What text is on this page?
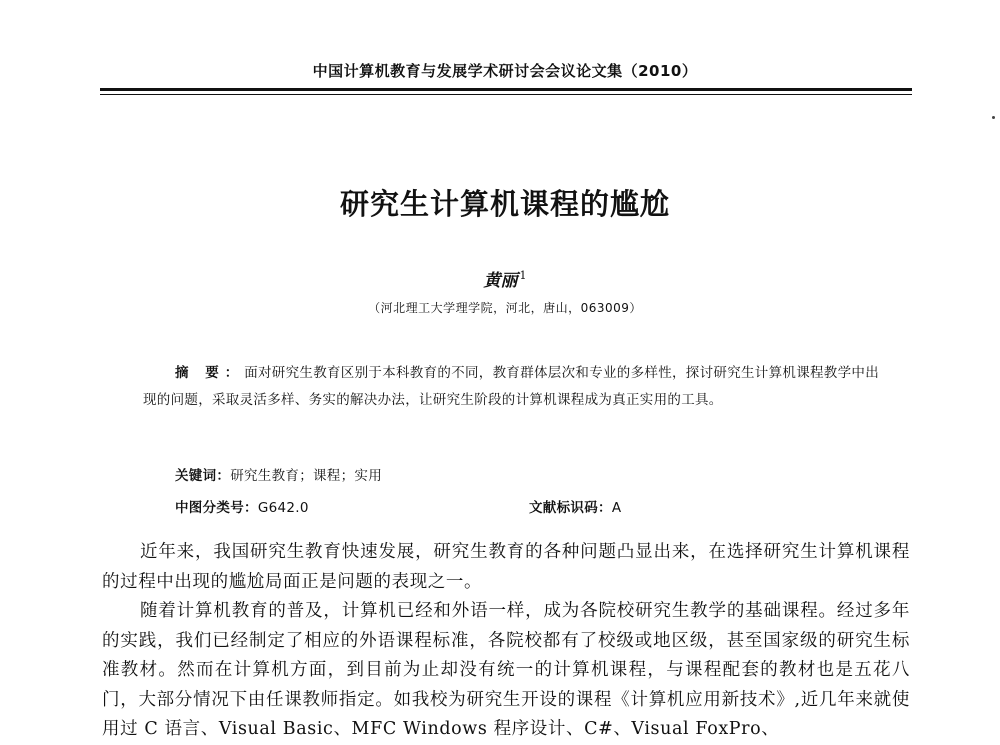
中国计算机教育与发展学术研讨会会议论文集（2010）
研究生计算机课程的尴尬
黄丽 $^1$
（河北理工大学理学院，河北，唐山，063009）
摘 要：面对研究生教育区别于本科教育的不同，教育群体层次和专业的多样性，探讨研究生计算机课程教学中出现的问题，采取灵活多样、务实的解决办法，让研究生阶段的计算机课程成为真正实用的工具。
关键词：研究生教育；课程；实用
中图分类号：G642.0	文献标识码：A

近年来，我国研究生教育快速发展，研究生教育的各种问题凸显出来，在选择研究生计算机课程的过程中出现的尴尬局面正是问题的表现之一。

随着计算机教育的普及，计算机已经和外语一样，成为各院校研究生教学的基础课程。经过多年的实践，我们已经制定了相应的外语课程标准，各院校都有了校级或地区级，甚至国家级的研究生标准教材。然而在计算机方面，到目前为止却没有统一的计算机课程，与课程配套的教材也是五花八门，大部分情况下由任课教师指定。如我校为研究生开设的课程《计算机应用新技术》,近几年来就使用过 C 语言、Visual Basic、MFC Windows 程序设计、C#、Visual FoxPro、
